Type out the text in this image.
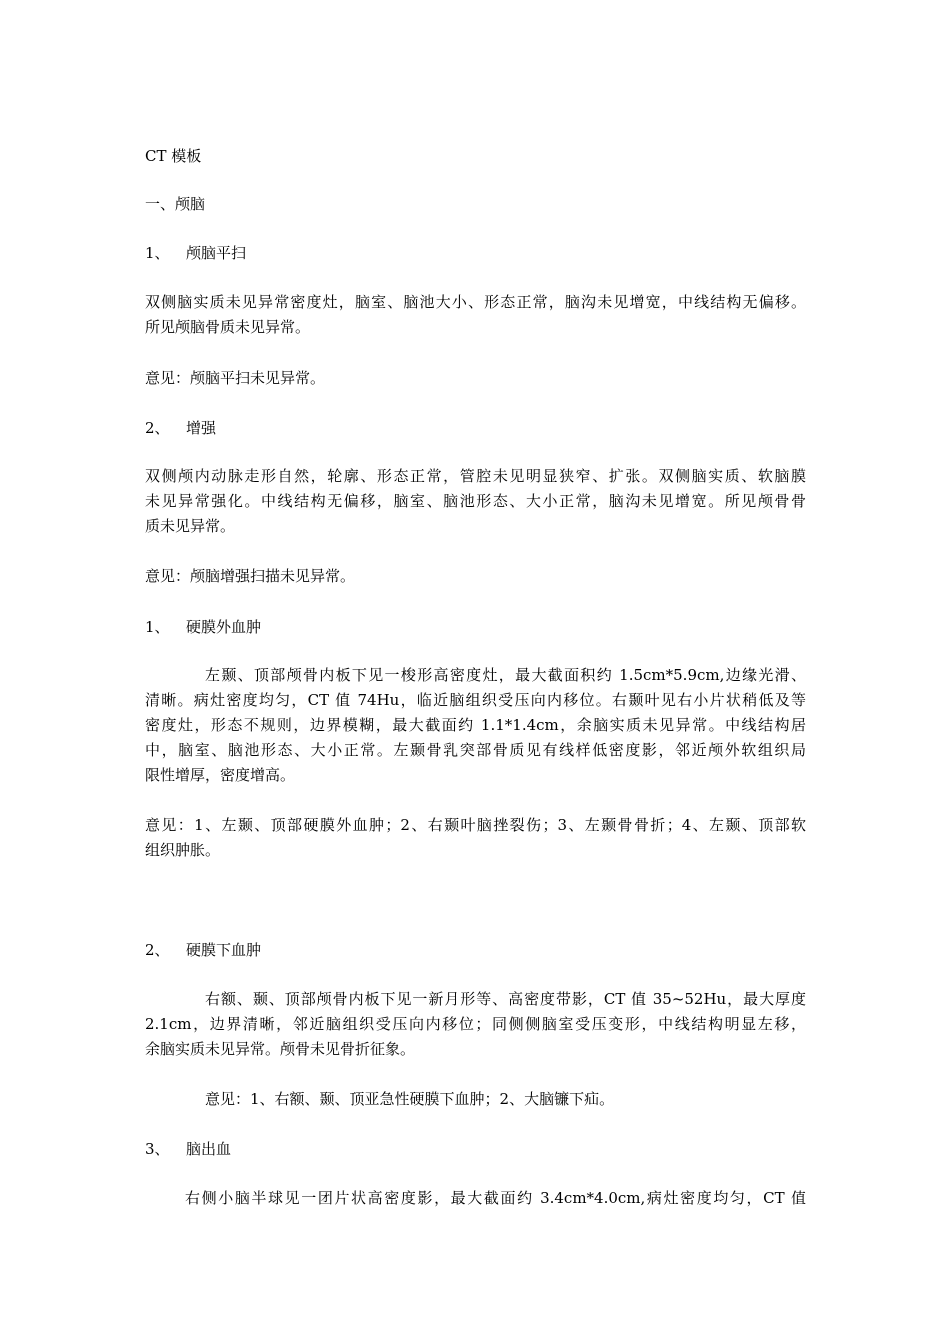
CT 模板
一、颅脑
1、 颅脑平扫
双侧脑实质未见异常密度灶，脑室、脑池大小、形态正常，脑沟未见增宽，中线结构无偏移。
所见颅脑骨质未见异常。
意见：颅脑平扫未见异常。
2、 增强
双侧颅内动脉走形自然，轮廓、形态正常，管腔未见明显狭窄、扩张。双侧脑实质、软脑膜
未见异常强化。中线结构无偏移，脑室、脑池形态、大小正常，脑沟未见增宽。所见颅骨骨
质未见异常。
意见：颅脑增强扫描未见异常。
1、 硬膜外血肿
左颞、顶部颅骨内板下见一梭形高密度灶，最大截面积约 1.5cm*5.9cm,边缘光滑、
清晰。病灶密度均匀，CT 值 74Hu，临近脑组织受压向内移位。右颞叶见右小片状稍低及等
密度灶，形态不规则，边界模糊，最大截面约 1.1*1.4cm，余脑实质未见异常。中线结构居
中，脑室、脑池形态、大小正常。左颞骨乳突部骨质见有线样低密度影，邻近颅外软组织局
限性增厚，密度增高。
意见：1、左颞、顶部硬膜外血肿；2、右颞叶脑挫裂伤；3、左颞骨骨折；4、左颞、顶部软
组织肿胀。
2、 硬膜下血肿
右额、颞、顶部颅骨内板下见一新月形等、高密度带影，CT 值 35~52Hu，最大厚度
2.1cm，边界清晰，邻近脑组织受压向内移位；同侧侧脑室受压变形，中线结构明显左移，
余脑实质未见异常。颅骨未见骨折征象。
意见：1、右额、颞、顶亚急性硬膜下血肿；2、大脑镰下疝。
3、 脑出血
右侧小脑半球见一团片状高密度影，最大截面约 3.4cm*4.0cm,病灶密度均匀，CT 值
